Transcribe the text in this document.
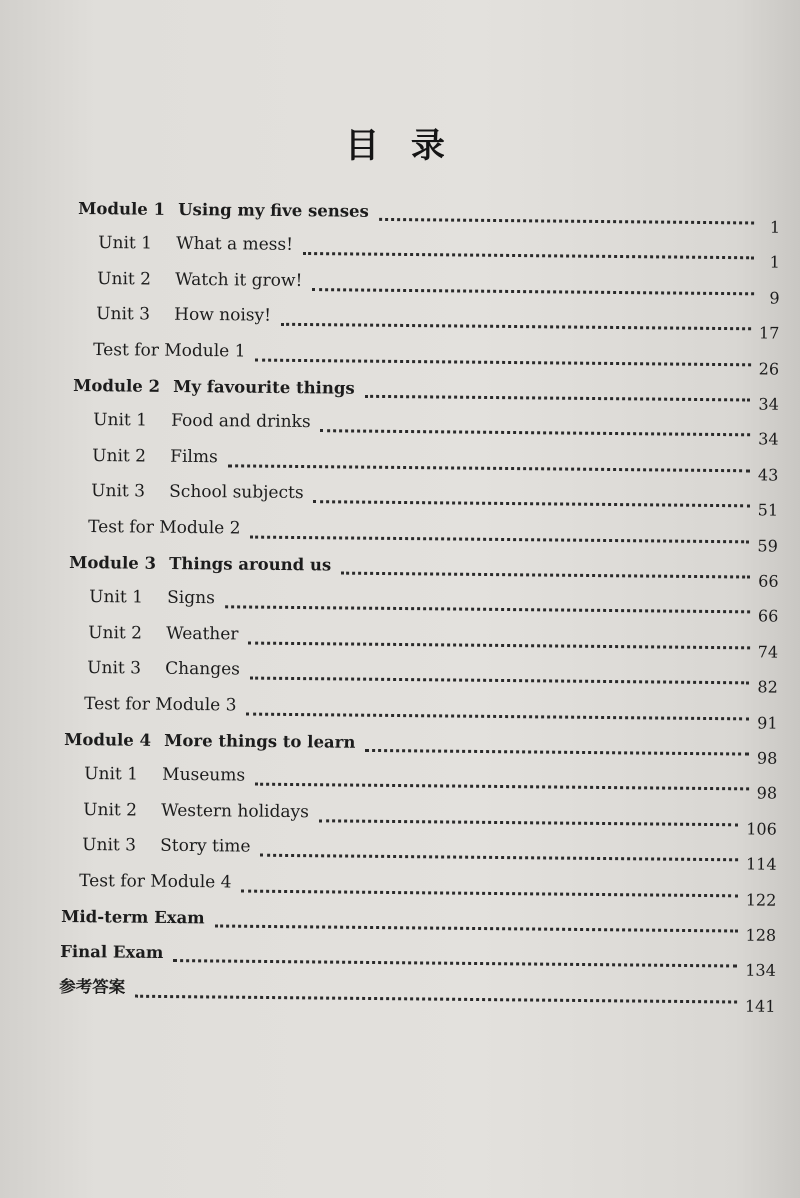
目 录
Module 1 Using my five senses
1
Unit 1 What a mess!
1
Unit 2 Watch it grow!
9
Unit 3 How noisy!
17
Test for Module 1
26
Module 2 My favourite things
34
Unit 1 Food and drinks
34
Unit 2 Films
43
Unit 3 School subjects
51
Test for Module 2
59
Module 3 Things around us
66
Unit 1 Signs
66
Unit 2 Weather
74
Unit 3 Changes
82
Test for Module 3
91
Module 4 More things to learn
98
Unit 1 Museums
98
Unit 2 Western holidays
106
Unit 3 Story time
114
Test for Module 4
122
Mid-term Exam
128
Final Exam
134
参考答案
141
